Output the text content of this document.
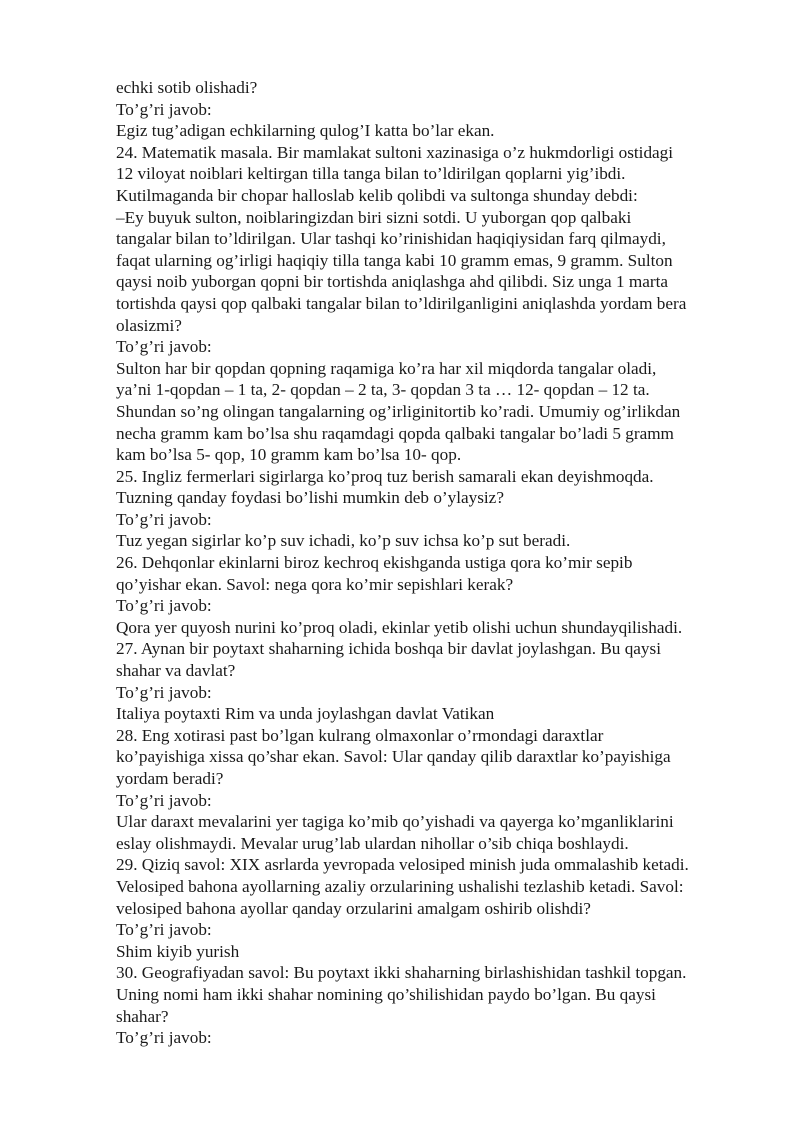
echki sotib olishadi?
To’g’ri javob:
Egiz tug’adigan echkilarning qulog’I katta bo’lar ekan.
24. Matematik masala. Bir mamlakat sultoni xazinasiga o’z hukmdorligi ostidagi
12 viloyat noiblari keltirgan tilla tanga bilan to’ldirilgan qoplarni yig’ibdi.
Kutilmaganda bir chopar halloslab kelib qolibdi va sultonga shunday debdi:
–Ey buyuk sulton, noiblaringizdan biri sizni sotdi. U yuborgan qop qalbaki
tangalar bilan to’ldirilgan. Ular tashqi ko’rinishidan haqiqiysidan farq qilmaydi,
faqat ularning og’irligi haqiqiy tilla tanga kabi 10 gramm emas, 9 gramm. Sulton
qaysi noib yuborgan qopni bir tortishda aniqlashga ahd qilibdi. Siz unga 1 marta
tortishda qaysi qop qalbaki tangalar bilan to’ldirilganligini aniqlashda yordam bera
olasizmi?
To’g’ri javob:
Sulton har bir qopdan qopning raqamiga ko’ra har xil miqdorda tangalar oladi,
ya’ni 1-qopdan – 1 ta, 2- qopdan – 2 ta, 3- qopdan 3 ta … 12- qopdan – 12 ta.
Shundan so’ng olingan tangalarning og’irliginitortib ko’radi. Umumiy og’irlikdan
necha gramm kam bo’lsa shu raqamdagi qopda qalbaki tangalar bo’ladi 5 gramm
kam bo’lsa 5- qop, 10 gramm kam bo’lsa 10- qop.
25. Ingliz fermerlari sigirlarga ko’proq tuz berish samarali ekan deyishmoqda.
Tuzning qanday foydasi bo’lishi mumkin deb o’ylaysiz?
To’g’ri javob:
Tuz yegan sigirlar ko’p suv ichadi, ko’p suv ichsa ko’p sut beradi.
26. Dehqonlar ekinlarni biroz kechroq ekishganda ustiga qora ko’mir sepib
qo’yishar ekan. Savol: nega qora ko’mir sepishlari kerak?
To’g’ri javob:
Qora yer quyosh nurini ko’proq oladi, ekinlar yetib olishi uchun shundayqilishadi.
27. Aynan bir poytaxt shaharning ichida boshqa bir davlat joylashgan. Bu qaysi
shahar va davlat?
To’g’ri javob:
Italiya poytaxti Rim va unda joylashgan davlat Vatikan
28. Eng xotirasi past bo’lgan kulrang olmaxonlar o’rmondagi daraxtlar
ko’payishiga xissa qo’shar ekan. Savol: Ular qanday qilib daraxtlar ko’payishiga
yordam beradi?
To’g’ri javob:
Ular daraxt mevalarini yer tagiga ko’mib qo’yishadi va qayerga ko’mganliklarini
eslay olishmaydi. Mevalar urug’lab ulardan nihollar o’sib chiqa boshlaydi.
29. Qiziq savol: XIX asrlarda yevropada velosiped minish juda ommalashib ketadi.
Velosiped bahona ayollarning azaliy orzularining ushalishi tezlashib ketadi. Savol:
velosiped bahona ayollar qanday orzularini amalgam oshirib olishdi?
To’g’ri javob:
Shim kiyib yurish
30. Geografiyadan savol: Bu poytaxt ikki shaharning birlashishidan tashkil topgan.
Uning nomi ham ikki shahar nomining qo’shilishidan paydo bo’lgan. Bu qaysi
shahar?
To’g’ri javob:
